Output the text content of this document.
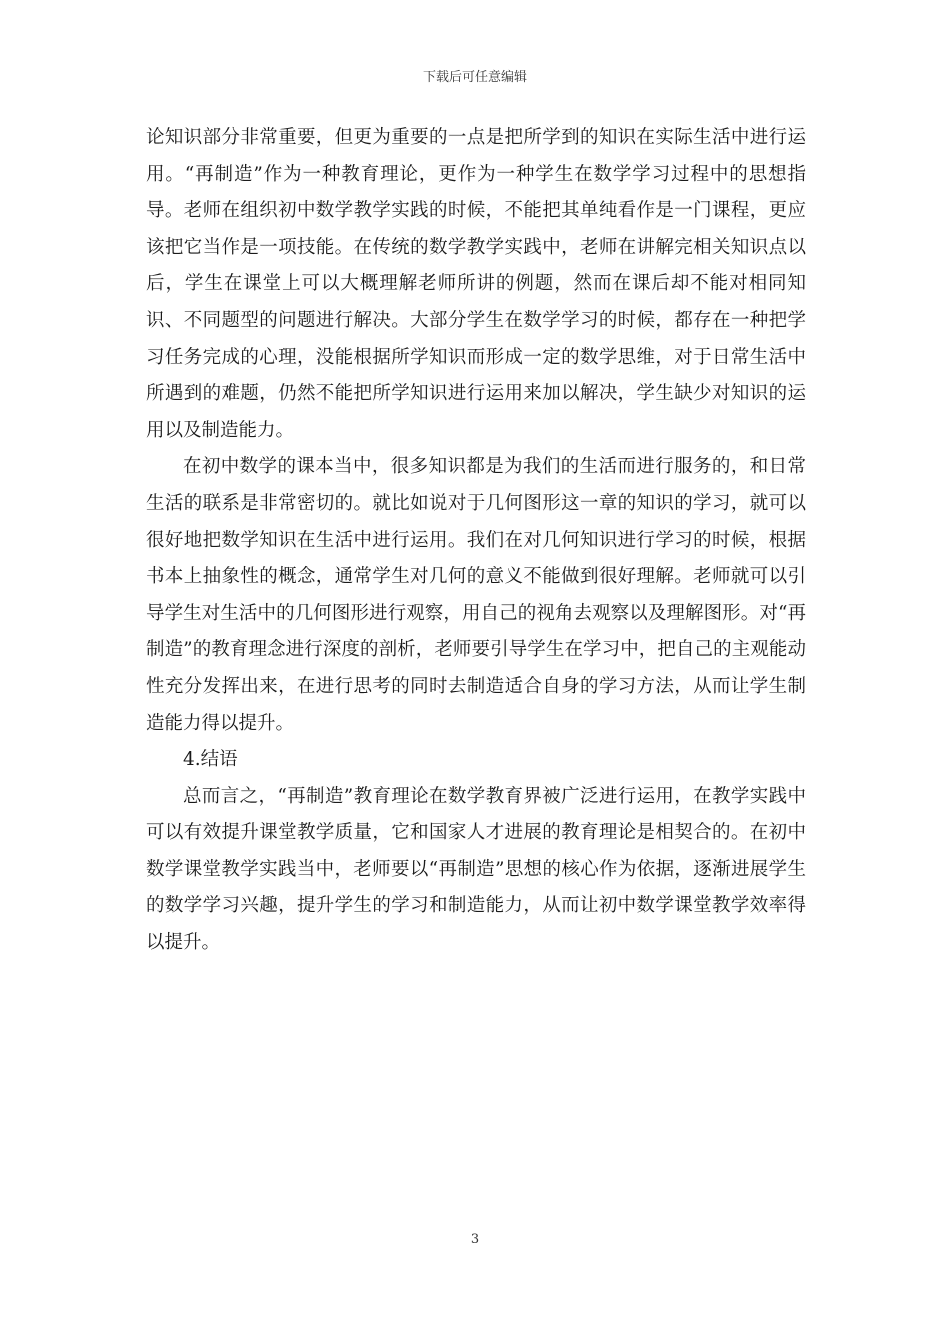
下载后可任意编辑

论知识部分非常重要，但更为重要的一点是把所学到的知识在实际生活中进行运用。“再制造”作为一种教育理论，更作为一种学生在数学学习过程中的思想指导。老师在组织初中数学教学实践的时候，不能把其单纯看作是一门课程，更应该把它当作是一项技能。在传统的数学教学实践中，老师在讲解完相关知识点以后，学生在课堂上可以大概理解老师所讲的例题，然而在课后却不能对相同知识、不同题型的问题进行解决。大部分学生在数学学习的时候，都存在一种把学习任务完成的心理，没能根据所学知识而形成一定的数学思维，对于日常生活中所遇到的难题，仍然不能把所学知识进行运用来加以解决，学生缺少对知识的运用以及制造能力。

在初中数学的课本当中，很多知识都是为我们的生活而进行服务的，和日常生活的联系是非常密切的。就比如说对于几何图形这一章的知识的学习，就可以很好地把数学知识在生活中进行运用。我们在对几何知识进行学习的时候，根据书本上抽象性的概念，通常学生对几何的意义不能做到很好理解。老师就可以引导学生对生活中的几何图形进行观察，用自己的视角去观察以及理解图形。对“再制造”的教育理念进行深度的剖析，老师要引导学生在学习中，把自己的主观能动性充分发挥出来，在进行思考的同时去制造适合自身的学习方法，从而让学生制造能力得以提升。

4.结语

总而言之，“再制造”教育理论在数学教育界被广泛进行运用，在教学实践中可以有效提升课堂教学质量，它和国家人才进展的教育理论是相契合的。在初中数学课堂教学实践当中，老师要以“再制造”思想的核心作为依据，逐渐进展学生的数学学习兴趣，提升学生的学习和制造能力，从而让初中数学课堂教学效率得以提升。

3
